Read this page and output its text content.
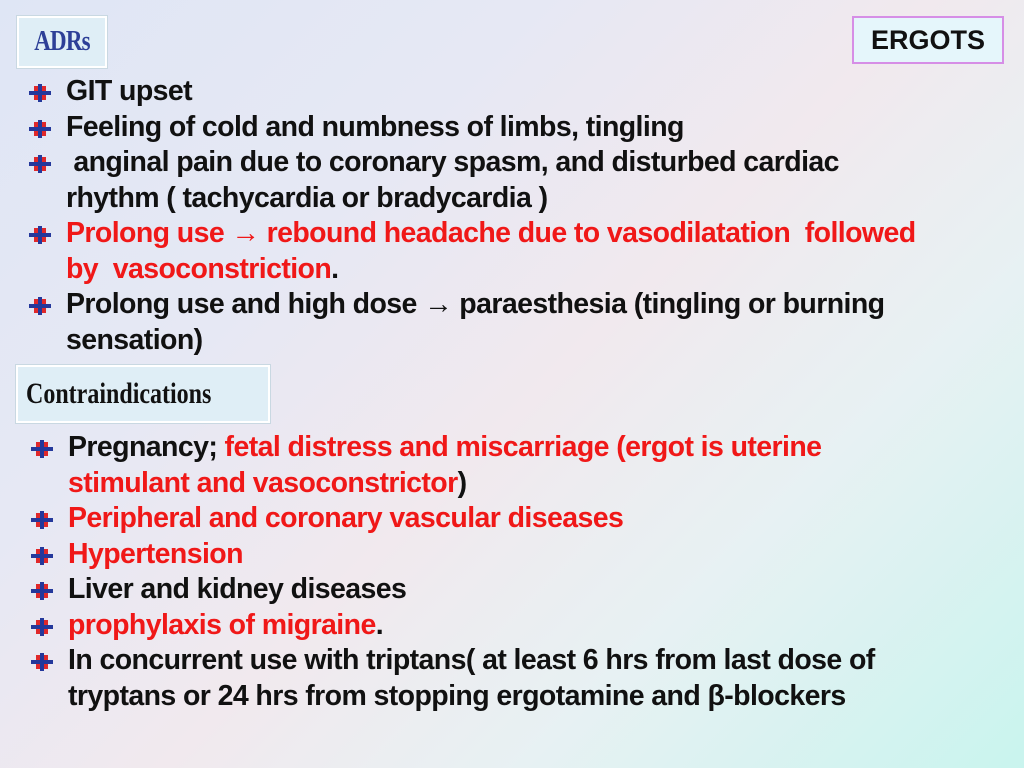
ADRs	ERGOTS
GIT upset
Feeling of cold and numbness of limbs, tingling
anginal pain due to coronary spasm, and disturbed cardiac
rhythm ( tachycardia or bradycardia )
Prolong use → rebound headache due to vasodilatation  followed
by  vasoconstriction.
Prolong use and high dose → paraesthesia (tingling or burning
sensation)
Contraindications
Pregnancy; fetal distress and miscarriage (ergot is uterine
stimulant and vasoconstrictor)
Peripheral and coronary vascular diseases
Hypertension
Liver and kidney diseases
prophylaxis of migraine.
In concurrent use with triptans( at least 6 hrs from last dose of
tryptans or 24 hrs from stopping ergotamine and β-blockers
